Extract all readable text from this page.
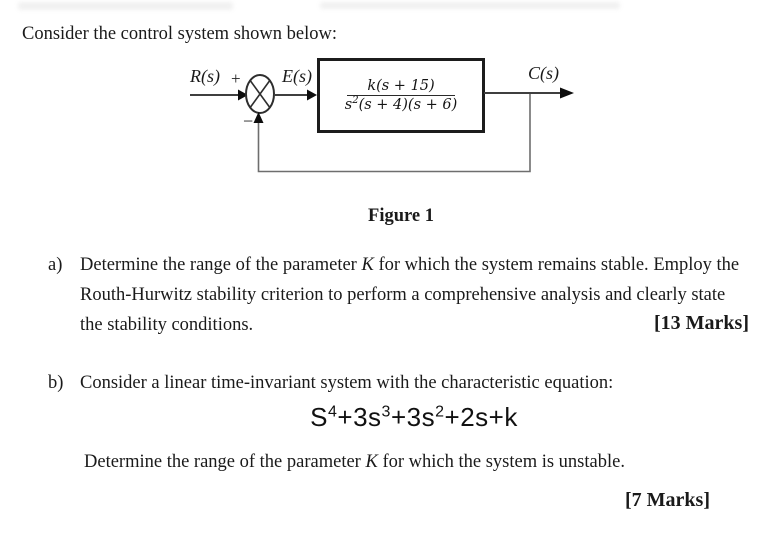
Consider the control system shown below:
R(s) + E(s)	C(s)
−
k(s + 15)
$s^2(s + 4)(s + 6)$
Figure 1
a) Determine the range of the parameter K for which the system remains stable. Employ the Routh-Hurwitz stability criterion to perform a comprehensive analysis and clearly state the stability conditions.	[13 Marks]
b) Consider a linear time-invariant system with the characteristic equation:
$S^4+3s^3+3s^2+2s+k$
Determine the range of the parameter K for which the system is unstable.
[7 Marks]
